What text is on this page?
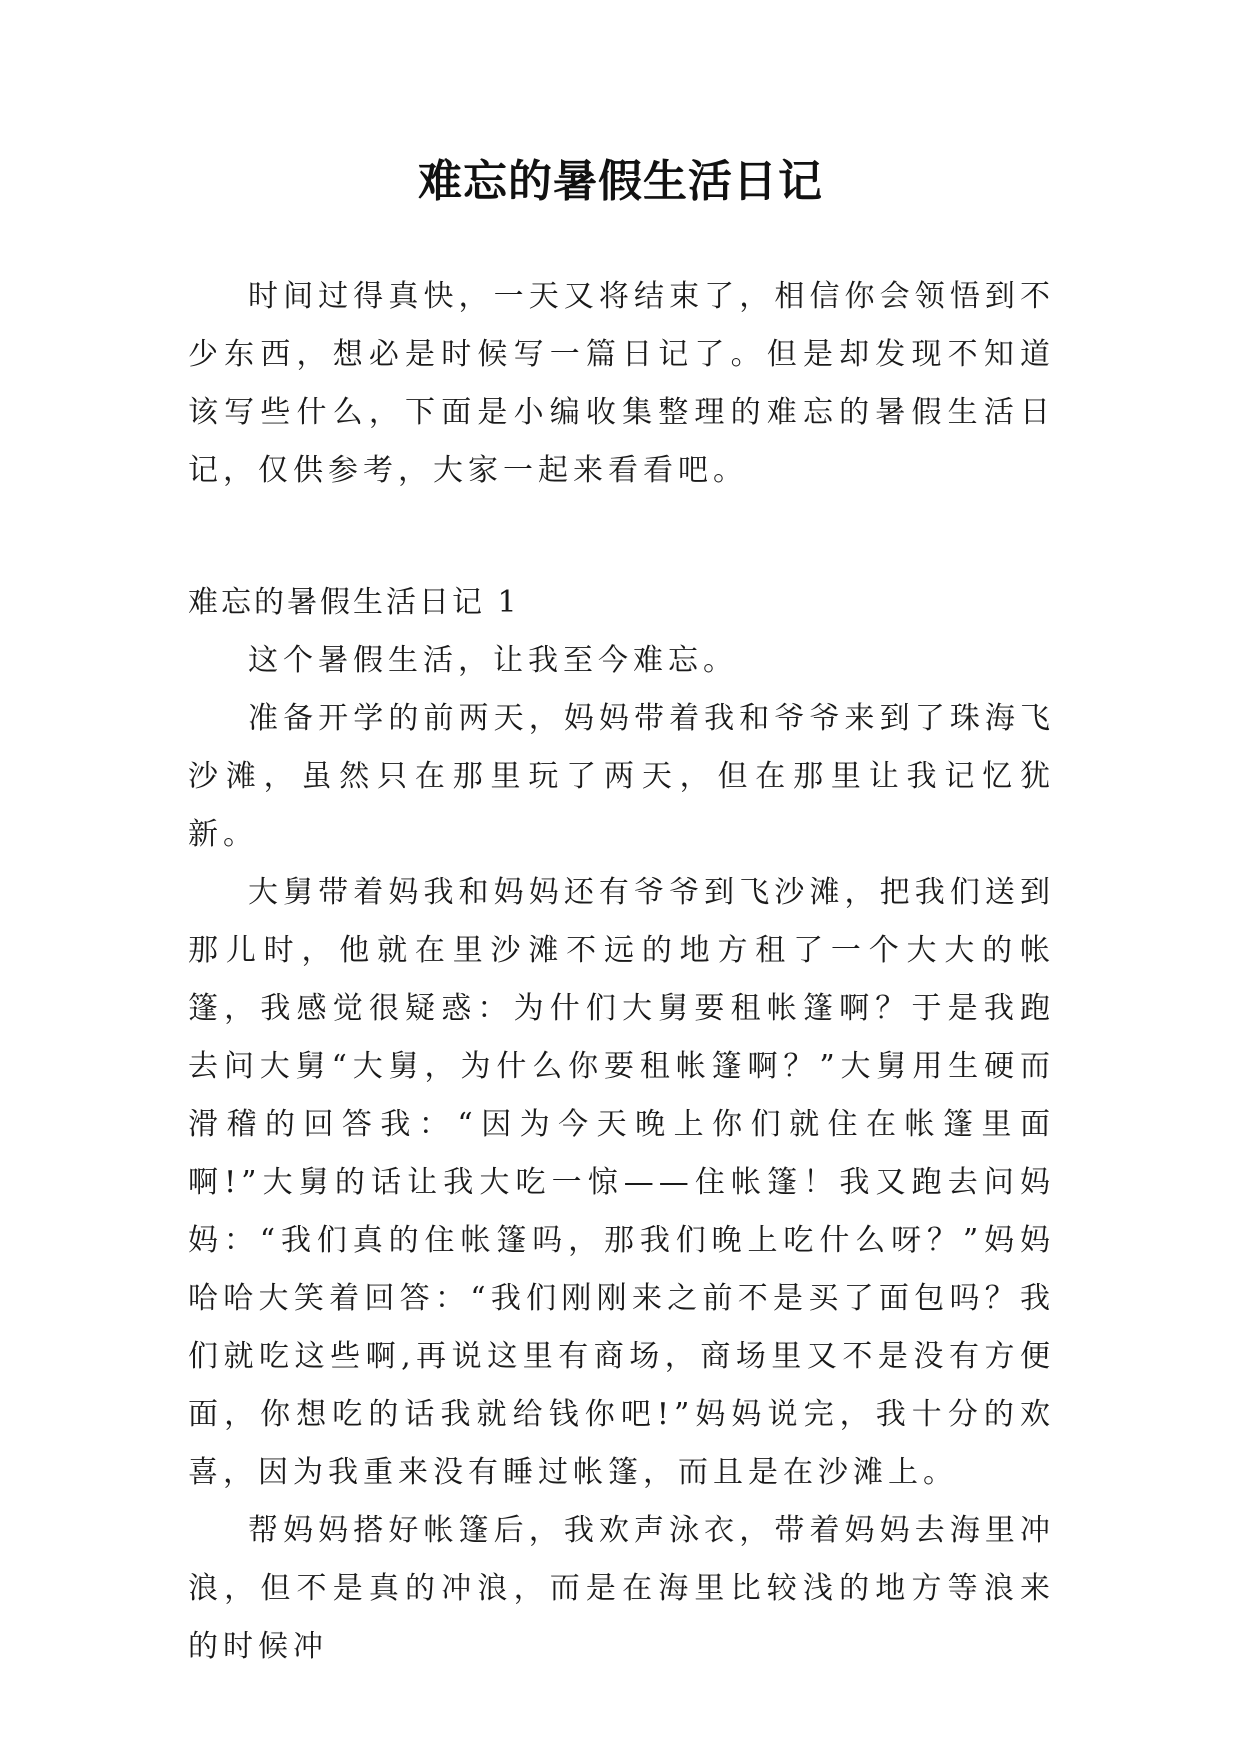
难忘的暑假生活日记

时间过得真快，一天又将结束了，相信你会领悟到不少东西，想必是时候写一篇日记了。但是却发现不知道该写些什么，下面是小编收集整理的难忘的暑假生活日记，仅供参考，大家一起来看看吧。

难忘的暑假生活日记 1

这个暑假生活，让我至今难忘。

准备开学的前两天，妈妈带着我和爷爷来到了珠海飞沙滩，虽然只在那里玩了两天，但在那里让我记忆犹新。

大舅带着妈我和妈妈还有爷爷到飞沙滩，把我们送到那儿时，他就在里沙滩不远的地方租了一个大大的帐篷，我感觉很疑惑：为什们大舅要租帐篷啊？于是我跑去问大舅“大舅，为什么你要租帐篷啊？”大舅用生硬而滑稽的回答我：“因为今天晚上你们就住在帐篷里面啊!”大舅的话让我大吃一惊——住帐篷！我又跑去问妈妈：“我们真的住帐篷吗，那我们晚上吃什么呀？”妈妈哈哈大笑着回答：“我们刚刚来之前不是买了面包吗？我们就吃这些啊,再说这里有商场，商场里又不是没有方便面，你想吃的话我就给钱你吧!”妈妈说完，我十分的欢喜，因为我重来没有睡过帐篷，而且是在沙滩上。

帮妈妈搭好帐篷后，我欢声泳衣，带着妈妈去海里冲浪，但不是真的冲浪，而是在海里比较浅的地方等浪来的时候冲
